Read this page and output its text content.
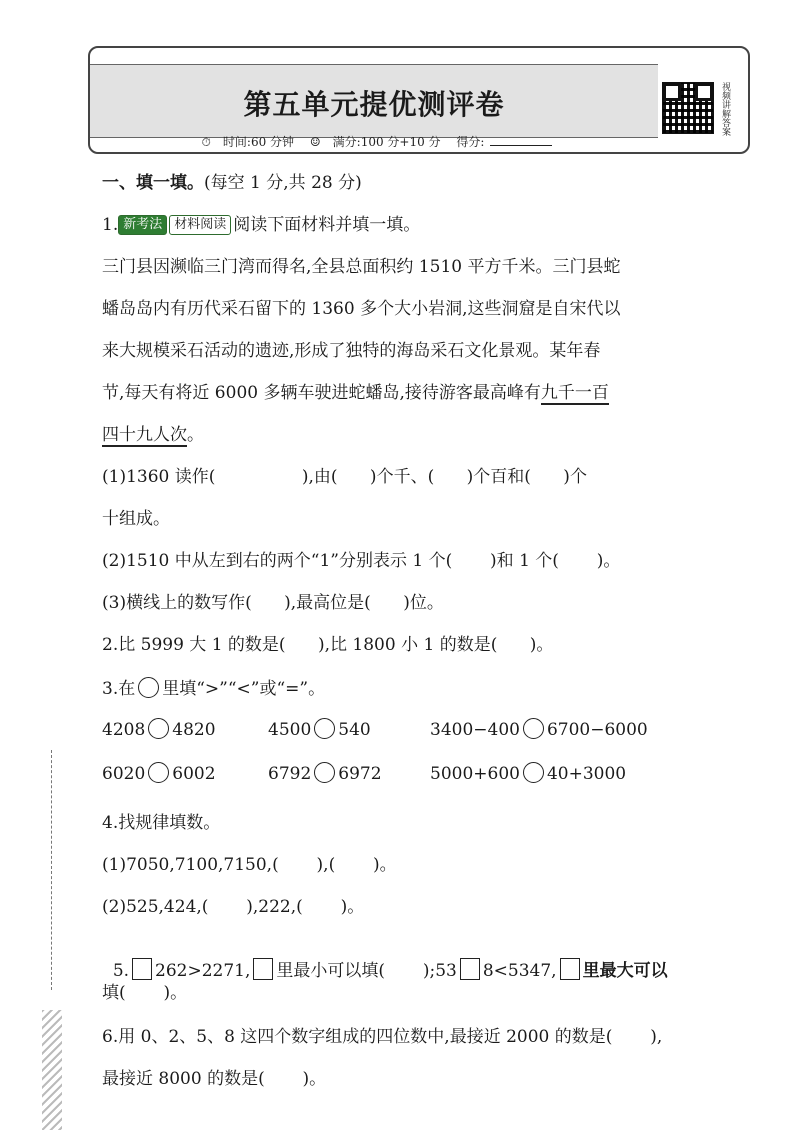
第五单元提优测评卷
⏱ 时间:60 分钟 ☺ 满分:100 分+10 分 得分:
视频讲解答案
一、填一填。(每空 1 分,共 28 分)
1. 新考法 材料阅读 阅读下面材料并填一填。
三门县因濒临三门湾而得名,全县总面积约 1510 平方千米。三门县蛇
蟠岛岛内有历代采石留下的 1360 多个大小岩洞,这些洞窟是自宋代以
来大规模采石活动的遗迹,形成了独特的海岛采石文化景观。某年春
节,每天有将近 6000 多辆车驶进蛇蟠岛,接待游客最高峰有九千一百
四十九人次。
(1)1360 读作(                ),由(      )个千、(      )个百和(      )个
十组成。
(2)1510 中从左到右的两个“1”分别表示 1 个(       )和 1 个(       )。
(3)横线上的数写作(      ),最高位是(      )位。
2.比 5999 大 1 的数是(      ),比 1800 小 1 的数是(      )。
3.在 里填“>”“<”或“=”。
4208 4820	4500 540	3400−400 6700−6000
6020 6002	6792 6972	5000+600 40+3000
4.找规律填数。
(1)7050,7100,7150,(       ),(       )。
(2)525,424,(       ),222,(       )。

5. 262>2271, 里最小可以填(       );53 8<5347, 里最大可以

填(       )。
6.用 0、2、5、8 这四个数字组成的四位数中,最接近 2000 的数是(       ),
最接近 8000 的数是(       )。
